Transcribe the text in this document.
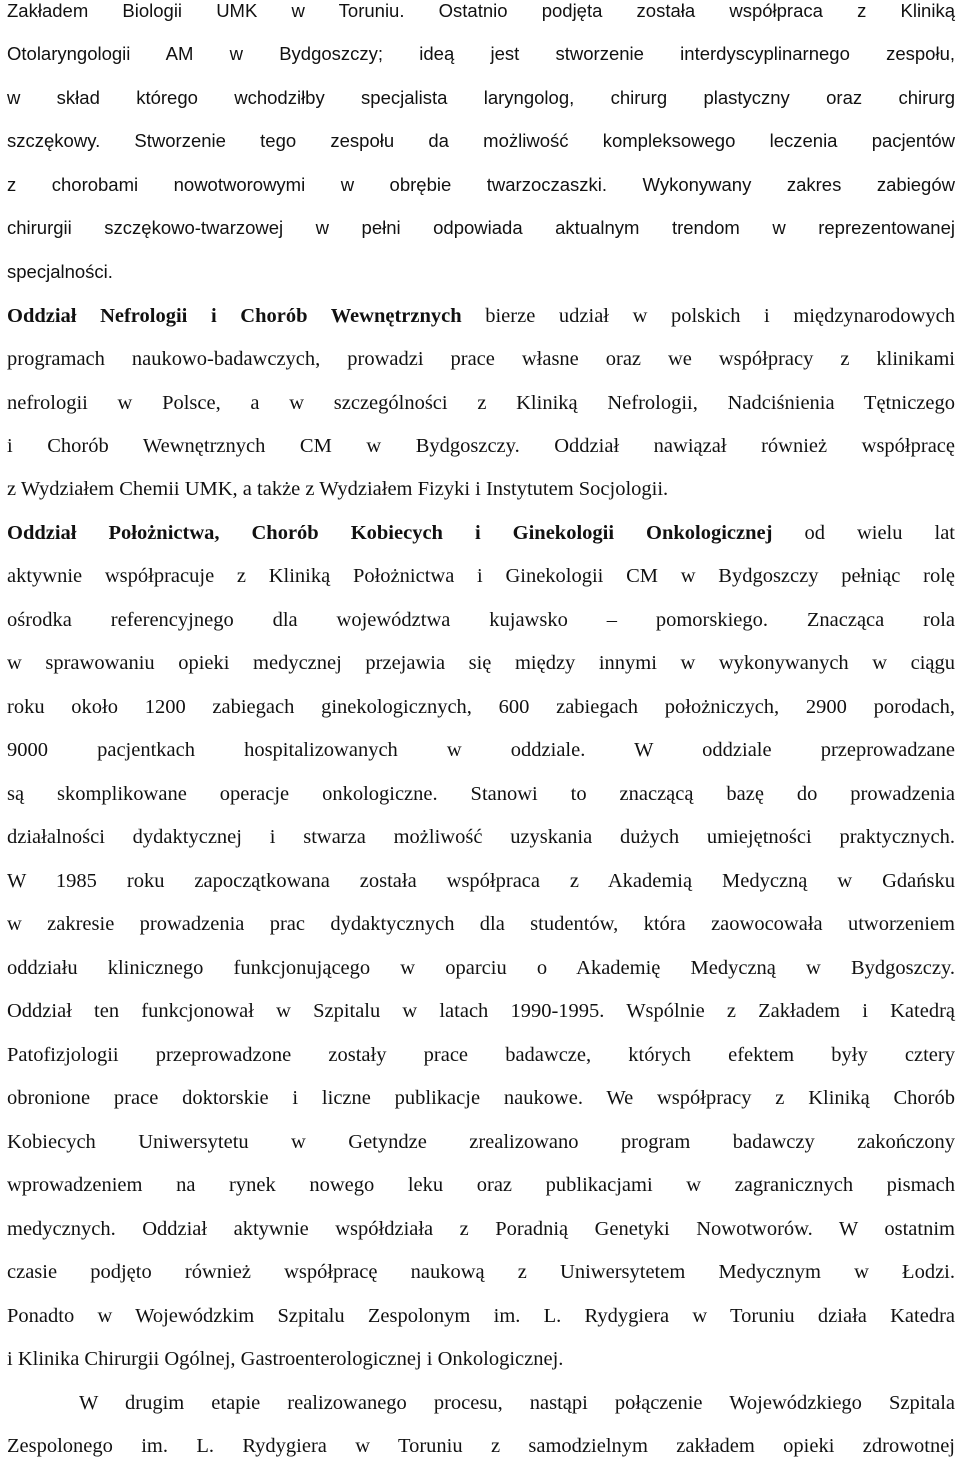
Zakładem Biologii UMK w Toruniu. Ostatnio podjęta została współpraca z Kliniką
Otolaryngologii AM w Bydgoszczy; ideą jest stworzenie interdyscyplinarnego zespołu,
w skład którego wchodziłby specjalista laryngolog, chirurg plastyczny oraz chirurg
szczękowy. Stworzenie tego zespołu da możliwość kompleksowego leczenia pacjentów
z chorobami nowotworowymi w obrębie twarzoczaszki. Wykonywany zakres zabiegów
chirurgii szczękowo-twarzowej w pełni odpowiada aktualnym trendom w reprezentowanej
specjalności.
Oddział Nefrologii i Chorób Wewnętrznych bierze udział w polskich i międzynarodowych
programach naukowo-badawczych, prowadzi prace własne oraz we współpracy z klinikami
nefrologii w Polsce, a w szczególności z Kliniką Nefrologii, Nadciśnienia Tętniczego
i Chorób Wewnętrznych CM w Bydgoszczy. Oddział nawiązał również współpracę
z Wydziałem Chemii UMK, a także z Wydziałem Fizyki i Instytutem Socjologii.
Oddział Położnictwa, Chorób Kobiecych i Ginekologii Onkologicznej od wielu lat
aktywnie współpracuje z Kliniką Położnictwa i Ginekologii CM w Bydgoszczy pełniąc rolę
ośrodka referencyjnego dla województwa kujawsko – pomorskiego. Znacząca rola
w sprawowaniu opieki medycznej przejawia się między innymi w wykonywanych w ciągu
roku około 1200 zabiegach ginekologicznych, 600 zabiegach położniczych, 2900 porodach,
9000 pacjentkach hospitalizowanych w oddziale. W oddziale przeprowadzane
są skomplikowane operacje onkologiczne. Stanowi to znaczącą bazę do prowadzenia
działalności dydaktycznej i stwarza możliwość uzyskania dużych umiejętności praktycznych.
W 1985 roku zapoczątkowana została współpraca z Akademią Medyczną w Gdańsku
w zakresie prowadzenia prac dydaktycznych dla studentów, która zaowocowała utworzeniem
oddziału klinicznego funkcjonującego w oparciu o Akademię Medyczną w Bydgoszczy.
Oddział ten funkcjonował w Szpitalu w latach 1990-1995. Wspólnie z Zakładem i Katedrą
Patofizjologii przeprowadzone zostały prace badawcze, których efektem były cztery
obronione prace doktorskie i liczne publikacje naukowe. We współpracy z Kliniką Chorób
Kobiecych Uniwersytetu w Getyndze zrealizowano program badawczy zakończony
wprowadzeniem na rynek nowego leku oraz publikacjami w zagranicznych pismach
medycznych. Oddział aktywnie współdziała z Poradnią Genetyki Nowotworów. W ostatnim
czasie podjęto również współpracę naukową z Uniwersytetem Medycznym w Łodzi.
Ponadto w Wojewódzkim Szpitalu Zespolonym im. L. Rydygiera w Toruniu działa Katedra
i Klinika Chirurgii Ogólnej, Gastroenterologicznej i Onkologicznej.
W drugim etapie realizowanego procesu, nastąpi połączenie Wojewódzkiego Szpitala
Zespolonego im. L. Rydygiera w Toruniu z samodzielnym zakładem opieki zdrowotnej
